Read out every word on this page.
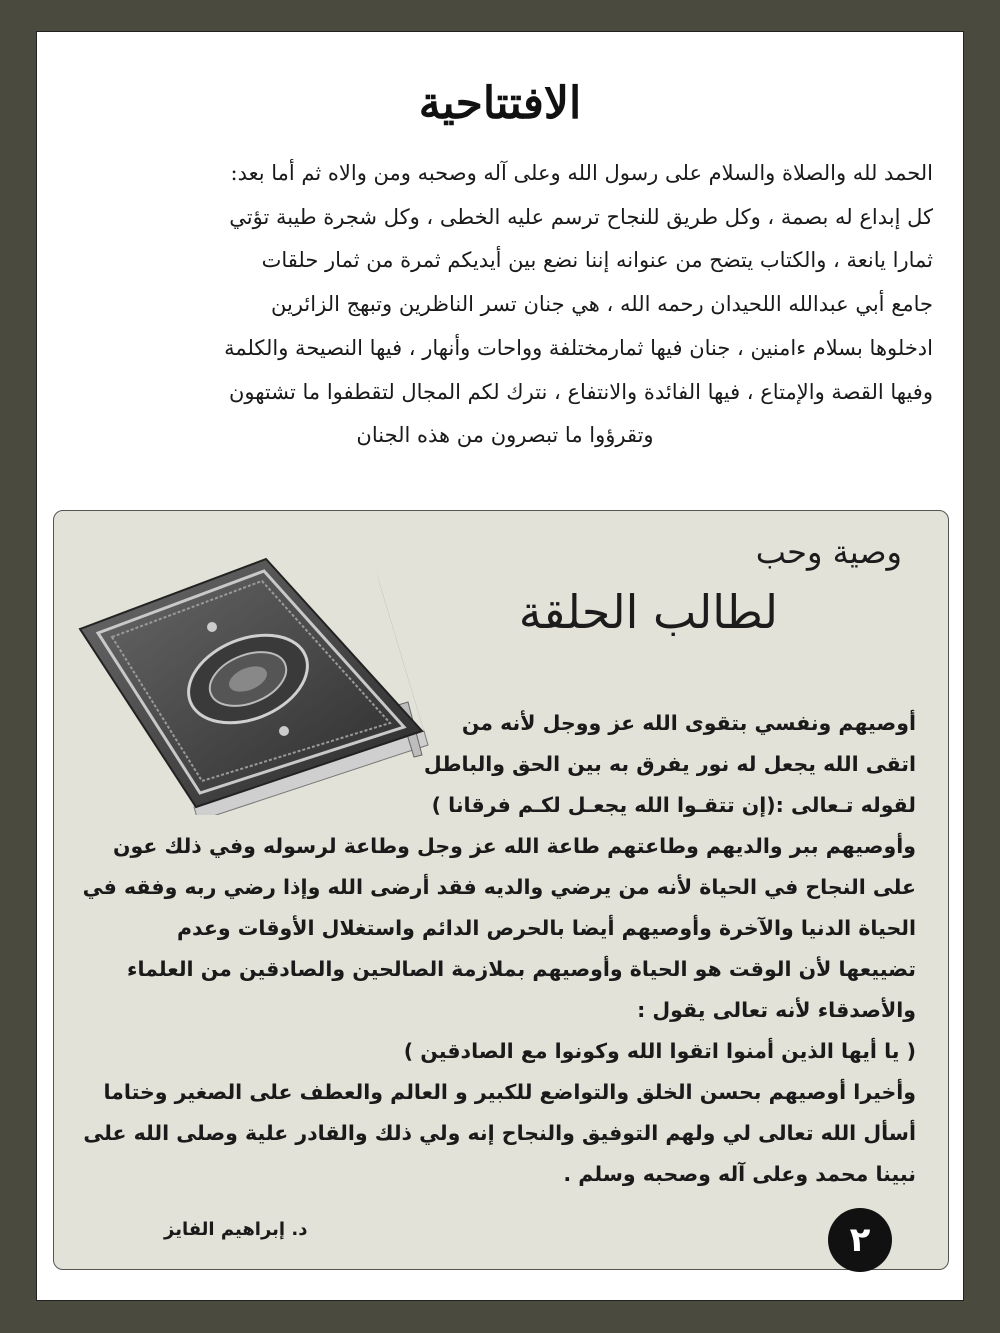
الافتتاحية

الحمد لله والصلاة والسلام على رسول الله وعلى آله وصحبه ومن والاه ثم أما بعد:

كل إبداع له بصمة ، وكل طريق للنجاح ترسم عليه الخطى ، وكل شجرة طيبة تؤتي

ثمارا يانعة ، والكتاب يتضح من عنوانه إننا نضع بين أيديكم ثمرة من ثمار حلقات

جامع أبي عبدالله اللحيدان رحمه الله ، هي جنان تسر الناظرين وتبهج الزائرين

ادخلوها بسلام ءامنين ، جنان فيها ثمارمختلفة وواحات وأنهار ، فيها النصيحة والكلمة

وفيها القصة والإمتاع ، فيها الفائدة والانتفاع ، نترك لكم المجال لتقطفوا ما تشتهون

وتقرؤوا ما تبصرون من هذه الجنان

وصية وحب
لطالب الحلقة

أوصيهم ونفسي بتقوى الله عز ووجل لأنه من

اتقى الله يجعل له نور يفرق به بين الحق والباطل

لقوله تـعالى :(إن تتقـوا الله يجعـل لكـم فرقانا )

وأوصيهم ببر والديهم وطاعتهم طاعة الله عز وجل وطاعة لرسوله وفي ذلك عون

على النجاح في الحياة لأنه من يرضي والديه فقد أرضى الله وإذا رضي ربه وفقه في

الحياة الدنيا والآخرة وأوصيهم أيضا بالحرص الدائم واستغلال الأوقات وعدم

تضييعها لأن الوقت هو الحياة وأوصيهم بملازمة الصالحين والصادقين من العلماء

والأصدقاء لأنه تعالى يقول :

( يا أيها الذين أمنوا اتقوا الله وكونوا مع الصادقين )

وأخيرا أوصيهم بحسن الخلق والتواضع للكبير و العالم والعطف على الصغير وختاما

أسأل الله تعالى لي ولهم التوفيق والنجاح إنه ولي ذلك والقادر علية وصلى الله على

نبينا محمد وعلى آله وصحبه وسلم .

د. إبراهيم الفايز	٢
